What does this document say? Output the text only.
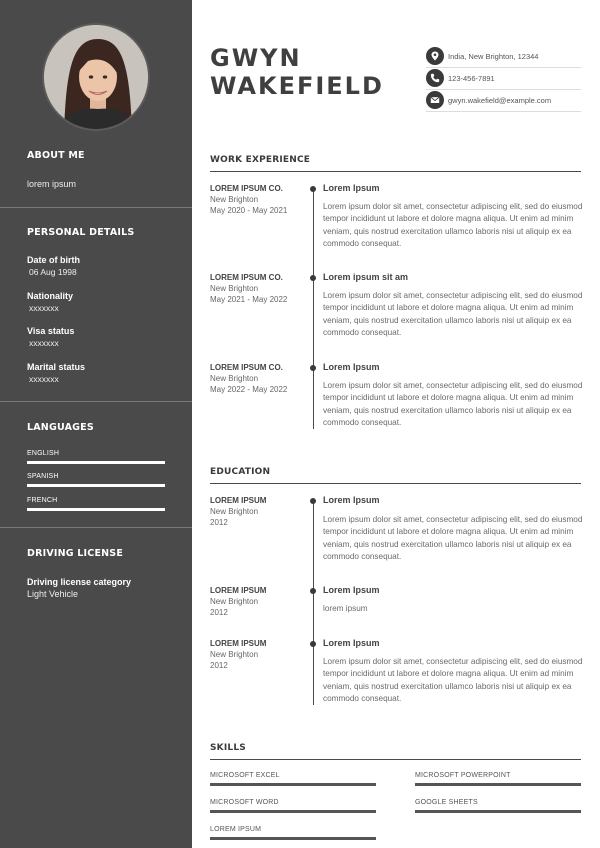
ABOUT ME
lorem ipsum
PERSONAL DETAILS
Date of birth
06 Aug 1998
Nationality
xxxxxxx
Visa status
xxxxxxx
Marital status
xxxxxxx
LANGUAGES
ENGLISH
SPANISH
FRENCH
DRIVING LICENSE
Driving license category
Light Vehicle
GWYN
WAKEFIELD
India, New Brighton, 12344
123-456-7891
gwyn.wakefield@example.com
WORK EXPERIENCE
LOREM IPSUM CO.
New Brighton
May 2020 - May 2021
Lorem Ipsum
Lorem ipsum dolor sit amet, consectetur adipiscing elit, sed do eiusmod tempor incididunt ut labore et dolore magna aliqua. Ut enim ad minim veniam, quis nostrud exercitation ullamco laboris nisi ut aliquip ex ea commodo consequat.
LOREM IPSUM CO.
New Brighton
May 2021 - May 2022
Lorem ipsum sit am
Lorem ipsum dolor sit amet, consectetur adipiscing elit, sed do eiusmod tempor incididunt ut labore et dolore magna aliqua. Ut enim ad minim veniam, quis nostrud exercitation ullamco laboris nisi ut aliquip ex ea commodo consequat.
LOREM IPSUM CO.
New Brighton
May 2022 - May 2022
Lorem Ipsum
Lorem ipsum dolor sit amet, consectetur adipiscing elit, sed do eiusmod tempor incididunt ut labore et dolore magna aliqua. Ut enim ad minim veniam, quis nostrud exercitation ullamco laboris nisi ut aliquip ex ea commodo consequat.
EDUCATION
LOREM IPSUM
New Brighton
2012
Lorem Ipsum
Lorem ipsum dolor sit amet, consectetur adipiscing elit, sed do eiusmod tempor incididunt ut labore et dolore magna aliqua. Ut enim ad minim veniam, quis nostrud exercitation ullamco laboris nisi ut aliquip ex ea commodo consequat.
LOREM IPSUM
New Brighton
2012
Lorem Ipsum
lorem ipsum
LOREM IPSUM
New Brighton
2012
Lorem Ipsum
Lorem ipsum dolor sit amet, consectetur adipiscing elit, sed do eiusmod tempor incididunt ut labore et dolore magna aliqua. Ut enim ad minim veniam, quis nostrud exercitation ullamco laboris nisi ut aliquip ex ea commodo consequat.
SKILLS
MICROSOFT EXCEL	MICROSOFT POWERPOINT
MICROSOFT WORD	GOOGLE SHEETS
LOREM IPSUM
